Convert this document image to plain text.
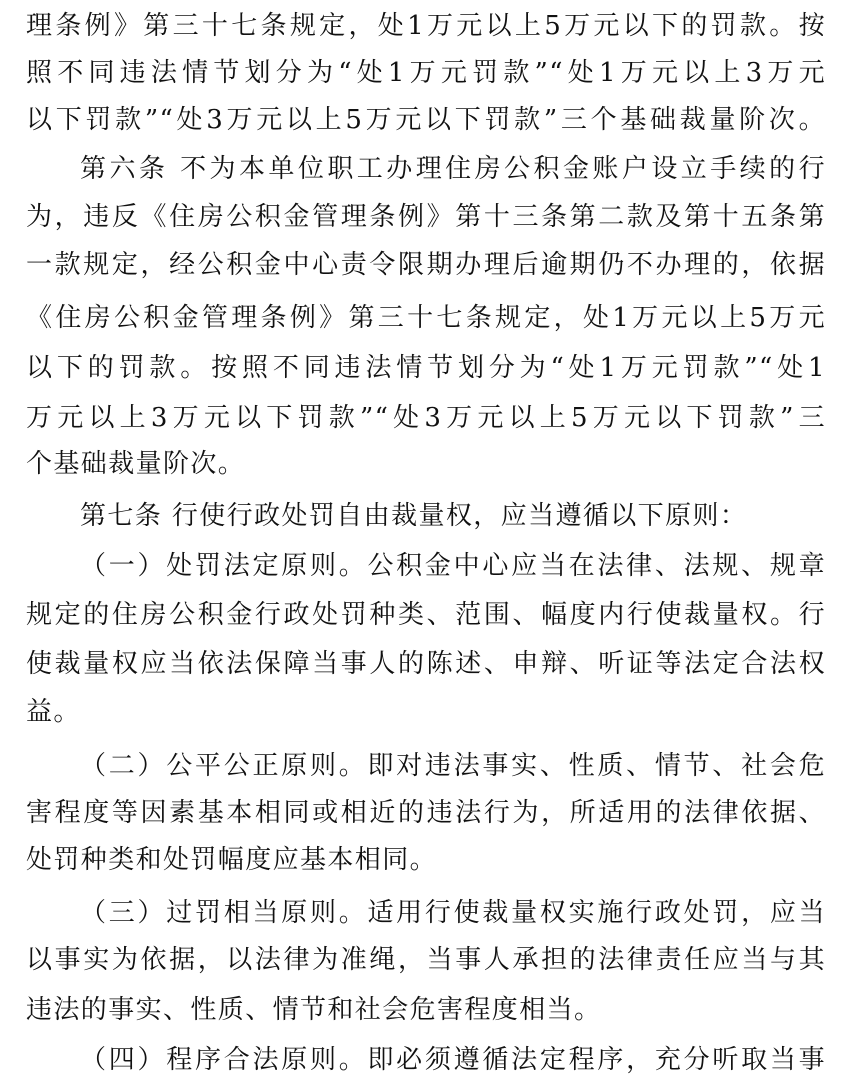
理条例》第三十七条规定，处1万元以上5万元以下的罚款。按
照不同违法情节划分为“处1万元罚款”“处1万元以上3万元
以下罚款”“处3万元以上5万元以下罚款”三个基础裁量阶次。
第六条 不为本单位职工办理住房公积金账户设立手续的行
为，违反《住房公积金管理条例》第十三条第二款及第十五条第
一款规定，经公积金中心责令限期办理后逾期仍不办理的，依据
《住房公积金管理条例》第三十七条规定，处1万元以上5万元
以下的罚款。按照不同违法情节划分为“处1万元罚款”“处1
万元以上3万元以下罚款”“处3万元以上5万元以下罚款”三
个基础裁量阶次。
第七条 行使行政处罚自由裁量权，应当遵循以下原则：
（一）处罚法定原则。公积金中心应当在法律、法规、规章
规定的住房公积金行政处罚种类、范围、幅度内行使裁量权。行
使裁量权应当依法保障当事人的陈述、申辩、听证等法定合法权
益。
（二）公平公正原则。即对违法事实、性质、情节、社会危
害程度等因素基本相同或相近的违法行为，所适用的法律依据、
处罚种类和处罚幅度应基本相同。
（三）过罚相当原则。适用行使裁量权实施行政处罚，应当
以事实为依据，以法律为准绳，当事人承担的法律责任应当与其
违法的事实、性质、情节和社会危害程度相当。
（四）程序合法原则。即必须遵循法定程序，充分听取当事
